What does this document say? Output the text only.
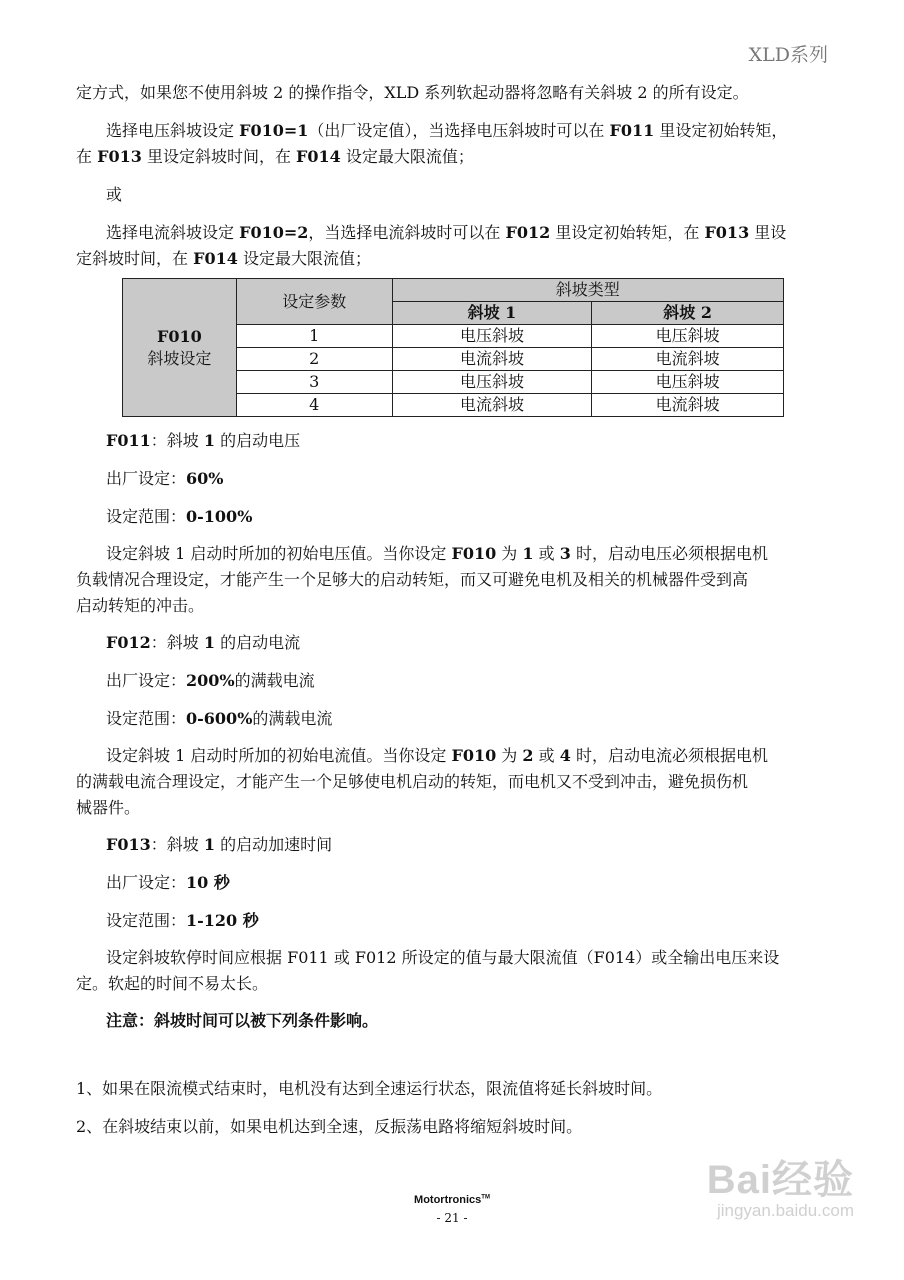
XLD系列
定方式，如果您不使用斜坡 2 的操作指令，XLD 系列软起动器将忽略有关斜坡 2 的所有设定。
选择电压斜坡设定 F010=1（出厂设定值），当选择电压斜坡时可以在 F011 里设定初始转矩，
在 F013 里设定斜坡时间，在 F014 设定最大限流值；
或
选择电流斜坡设定 F010=2，当选择电流斜坡时可以在 F012 里设定初始转矩，在 F013 里设
定斜坡时间，在 F014 设定最大限流值；
F010
斜坡设定	设定参数	斜坡类型	
		斜坡 1	斜坡 2
	1	电压斜坡	电压斜坡
	2	电流斜坡	电流斜坡
	3	电压斜坡	电压斜坡
	4	电流斜坡	电流斜坡
F011：斜坡 1 的启动电压
出厂设定：60%
设定范围：0-100%
设定斜坡 1 启动时所加的初始电压值。当你设定 F010 为 1 或 3 时，启动电压必须根据电机
负载情况合理设定，才能产生一个足够大的启动转矩，而又可避免电机及相关的机械器件受到高
启动转矩的冲击。
F012：斜坡 1 的启动电流
出厂设定：200%的满载电流
设定范围：0-600%的满载电流
设定斜坡 1 启动时所加的初始电流值。当你设定 F010 为 2 或 4 时，启动电流必须根据电机
的满载电流合理设定，才能产生一个足够使电机启动的转矩，而电机又不受到冲击，避免损伤机
械器件。
F013：斜坡 1 的启动加速时间
出厂设定：10 秒
设定范围：1-120 秒
设定斜坡软停时间应根据 F011 或 F012 所设定的值与最大限流值（F014）或全输出电压来设
定。软起的时间不易太长。
注意：斜坡时间可以被下列条件影响。
1、如果在限流模式结束时，电机没有达到全速运行状态，限流值将延长斜坡时间。
2、在斜坡结束以前，如果电机达到全速，反振荡电路将缩短斜坡时间。
Bai经验
jingyan.baidu.com
Motortronics™
- 21 -
